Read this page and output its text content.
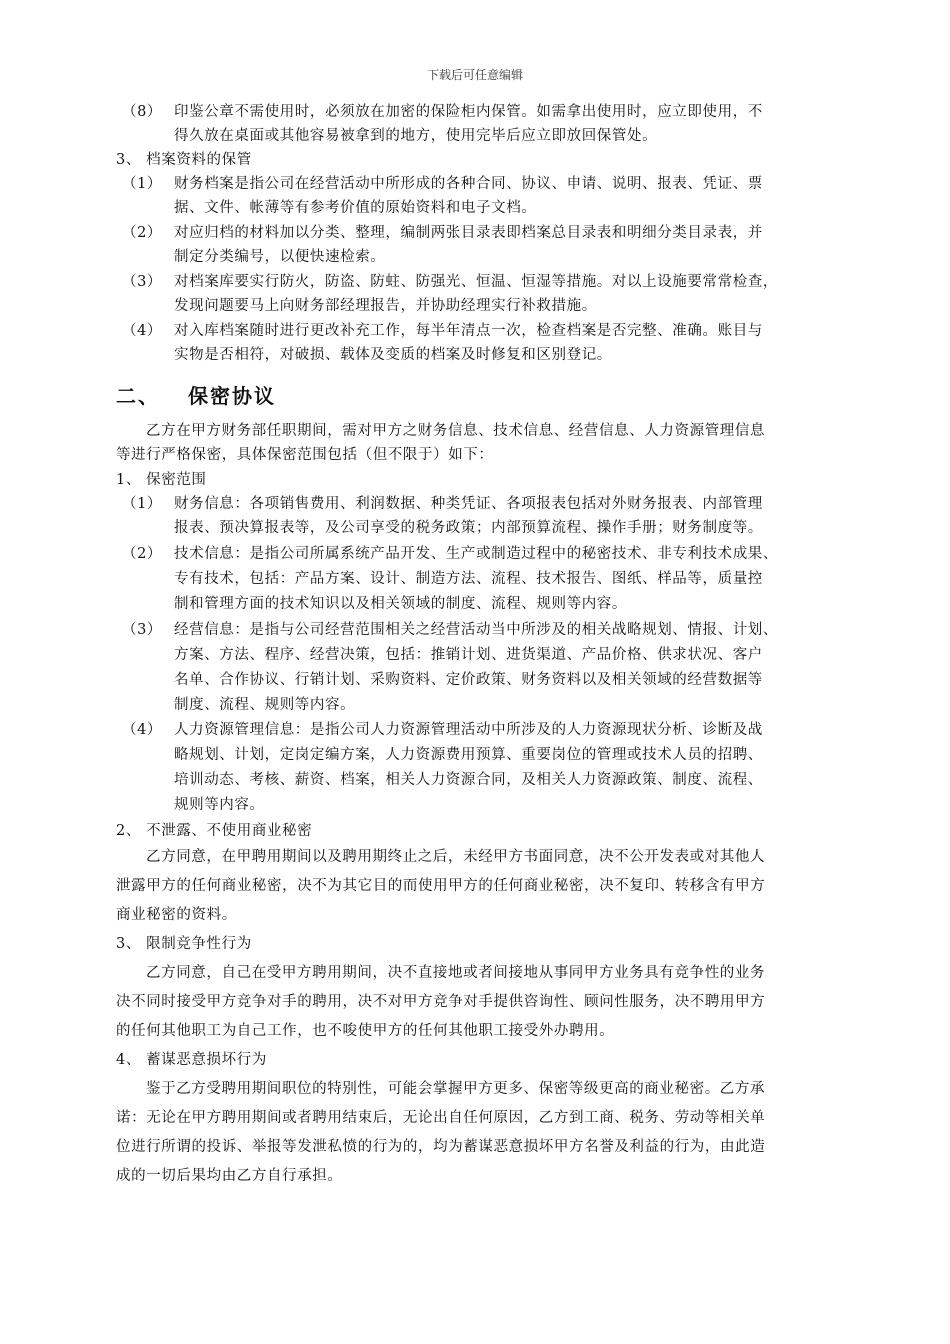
下载后可任意编辑
（8） 印鉴公章不需使用时，必须放在加密的保险柜内保管。如需拿出使用时，应立即使用，不
得久放在桌面或其他容易被拿到的地方，使用完毕后应立即放回保管处。
3、 档案资料的保管
（1） 财务档案是指公司在经营活动中所形成的各种合同、协议、申请、说明、报表、凭证、票
据、文件、帐薄等有参考价值的原始资料和电子文档。
（2） 对应归档的材料加以分类、整理，编制两张目录表即档案总目录表和明细分类目录表，并
制定分类编号，以便快速检索。
（3） 对档案库要实行防火，防盗、防蛀、防强光、恒温、恒湿等措施。对以上设施要常常检查，
发现问题要马上向财务部经理报告，并协助经理实行补救措施。
（4） 对入库档案随时进行更改补充工作，每半年清点一次，检查档案是否完整、准确。账目与
实物是否相符，对破损、载体及变质的档案及时修复和区别登记。
二、 保密协议
乙方在甲方财务部任职期间，需对甲方之财务信息、技术信息、经营信息、人力资源管理信息
等进行严格保密，具体保密范围包括（但不限于）如下：
1、 保密范围
（1） 财务信息：各项销售费用、利润数据、种类凭证、各项报表包括对外财务报表、内部管理
报表、预决算报表等，及公司享受的税务政策；内部预算流程、操作手册；财务制度等。
（2） 技术信息：是指公司所属系统产品开发、生产或制造过程中的秘密技术、非专利技术成果、
专有技术，包括：产品方案、设计、制造方法、流程、技术报告、图纸、样品等，质量控
制和管理方面的技术知识以及相关领域的制度、流程、规则等内容。
（3） 经营信息：是指与公司经营范围相关之经营活动当中所涉及的相关战略规划、情报、计划、
方案、方法、程序、经营决策，包括：推销计划、进货渠道、产品价格、供求状况、客户
名单、合作协议、行销计划、采购资料、定价政策、财务资料以及相关领域的经营数据等
制度、流程、规则等内容。
（4） 人力资源管理信息：是指公司人力资源管理活动中所涉及的人力资源现状分析、诊断及战
略规划、计划，定岗定编方案，人力资源费用预算、重要岗位的管理或技术人员的招聘、
培训动态、考核、薪资、档案，相关人力资源合同，及相关人力资源政策、制度、流程、
规则等内容。
2、 不泄露、不使用商业秘密
乙方同意，在甲聘用期间以及聘用期终止之后，未经甲方书面同意，决不公开发表或对其他人
泄露甲方的任何商业秘密，决不为其它目的而使用甲方的任何商业秘密，决不复印、转移含有甲方
商业秘密的资料。
3、 限制竞争性行为
乙方同意，自己在受甲方聘用期间，决不直接地或者间接地从事同甲方业务具有竞争性的业务
决不同时接受甲方竞争对手的聘用，决不对甲方竞争对手提供咨询性、顾问性服务，决不聘用甲方
的任何其他职工为自己工作，也不唆使甲方的任何其他职工接受外办聘用。
4、 蓄谋恶意损坏行为
鉴于乙方受聘用期间职位的特别性，可能会掌握甲方更多、保密等级更高的商业秘密。乙方承
诺：无论在甲方聘用期间或者聘用结束后，无论出自任何原因，乙方到工商、税务、劳动等相关单
位进行所谓的投诉、举报等发泄私愤的行为的，均为蓄谋恶意损坏甲方名誉及利益的行为，由此造
成的一切后果均由乙方自行承担。
